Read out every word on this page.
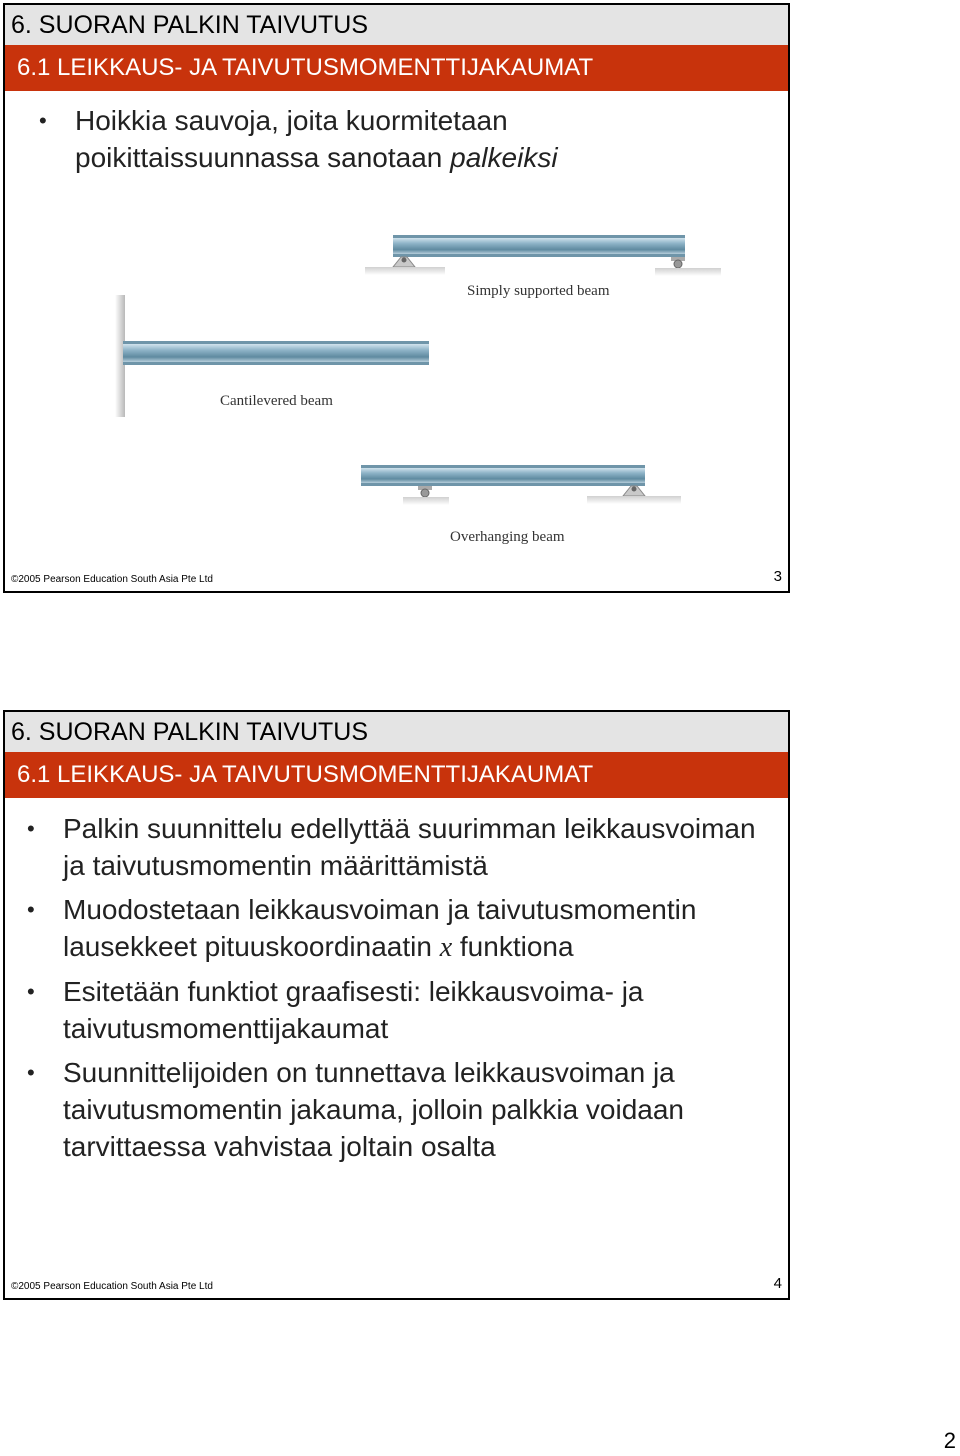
6. SUORAN PALKIN TAIVUTUS
6.1 LEIKKAUS- JA TAIVUTUSMOMENTTIJAKAUMAT
• Hoikkia sauvoja, joita kuormitetaan poikittaissuunnassa sanotaan palkeiksi
Simply supported beam
Cantilevered beam
Overhanging beam
©2005 Pearson Education South Asia Pte Ltd	3
6. SUORAN PALKIN TAIVUTUS
6.1 LEIKKAUS- JA TAIVUTUSMOMENTTIJAKAUMAT
• Palkin suunnittelu edellyttää suurimman leikkausvoiman ja taivutusmomentin määrittämistä
• Muodostetaan leikkausvoiman ja taivutusmomentin lausekkeet pituuskoordinaatin x funktiona
• Esitetään funktiot graafisesti: leikkausvoima- ja taivutusmomenttijakaumat
• Suunnittelijoiden on tunnettava leikkausvoiman ja taivutusmomentin jakauma, jolloin palkkia voidaan tarvittaessa vahvistaa joltain osalta
©2005 Pearson Education South Asia Pte Ltd	4
2
